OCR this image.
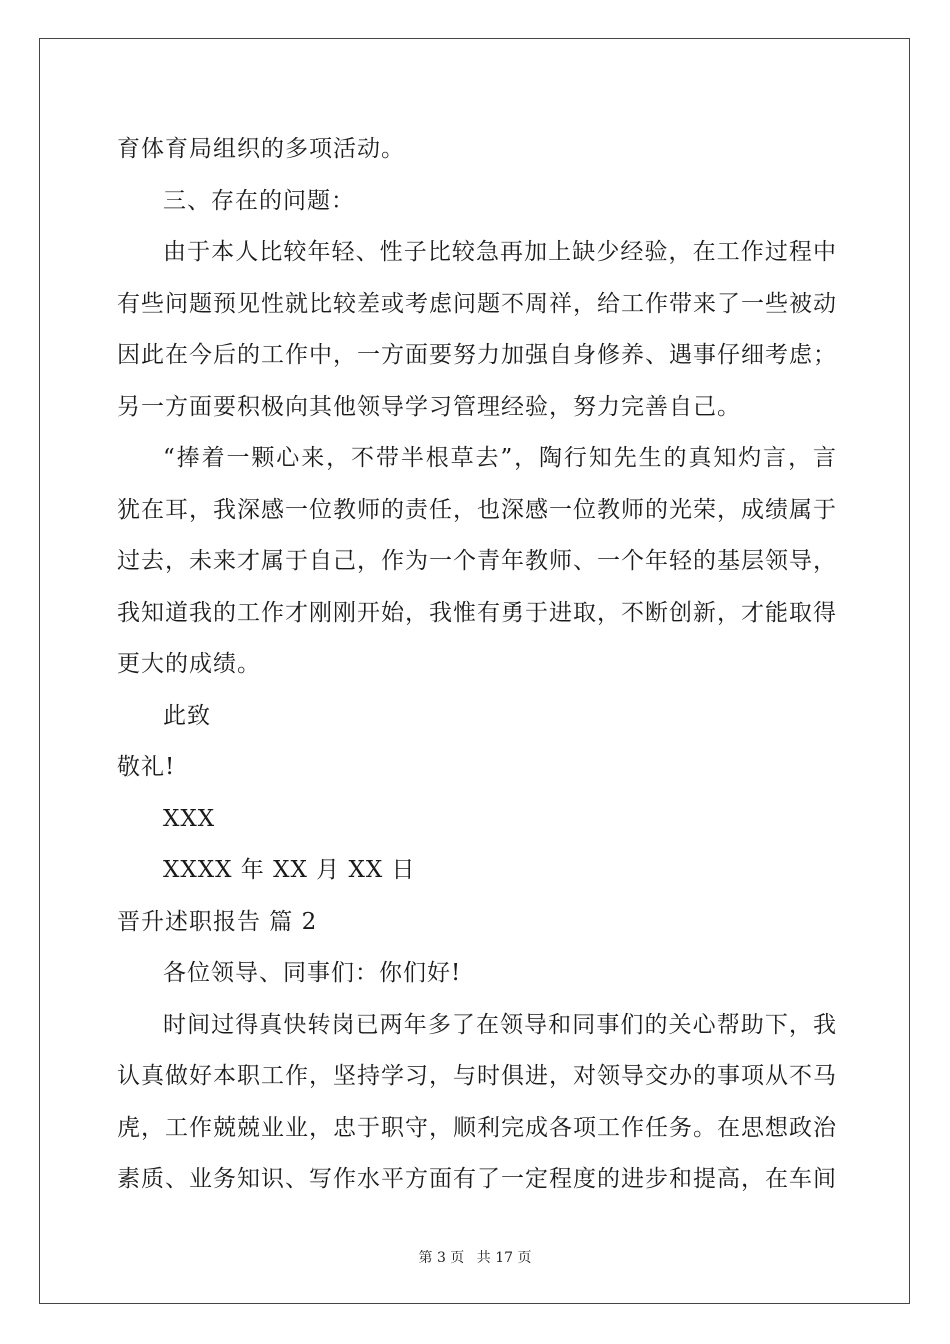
育体育局组织的多项活动。
三、存在的问题：
由于本人比较年轻、性子比较急再加上缺少经验，在工作过程中
有些问题预见性就比较差或考虑问题不周祥，给工作带来了一些被动
因此在今后的工作中，一方面要努力加强自身修养、遇事仔细考虑；
另一方面要积极向其他领导学习管理经验，努力完善自己。
“捧着一颗心来，不带半根草去”，陶行知先生的真知灼言，言
犹在耳，我深感一位教师的责任，也深感一位教师的光荣，成绩属于
过去，未来才属于自己，作为一个青年教师、一个年轻的基层领导，
我知道我的工作才刚刚开始，我惟有勇于进取，不断创新，才能取得
更大的成绩。
此致
敬礼!
XXX
XXXX 年 XX 月 XX 日
晋升述职报告 篇 2
各位领导、同事们：你们好!
时间过得真快转岗已两年多了在领导和同事们的关心帮助下，我
认真做好本职工作，坚持学习，与时俱进，对领导交办的事项从不马
虎，工作兢兢业业，忠于职守，顺利完成各项工作任务。在思想政治
素质、业务知识、写作水平方面有了一定程度的进步和提高，在车间
第 3 页 共 17 页
